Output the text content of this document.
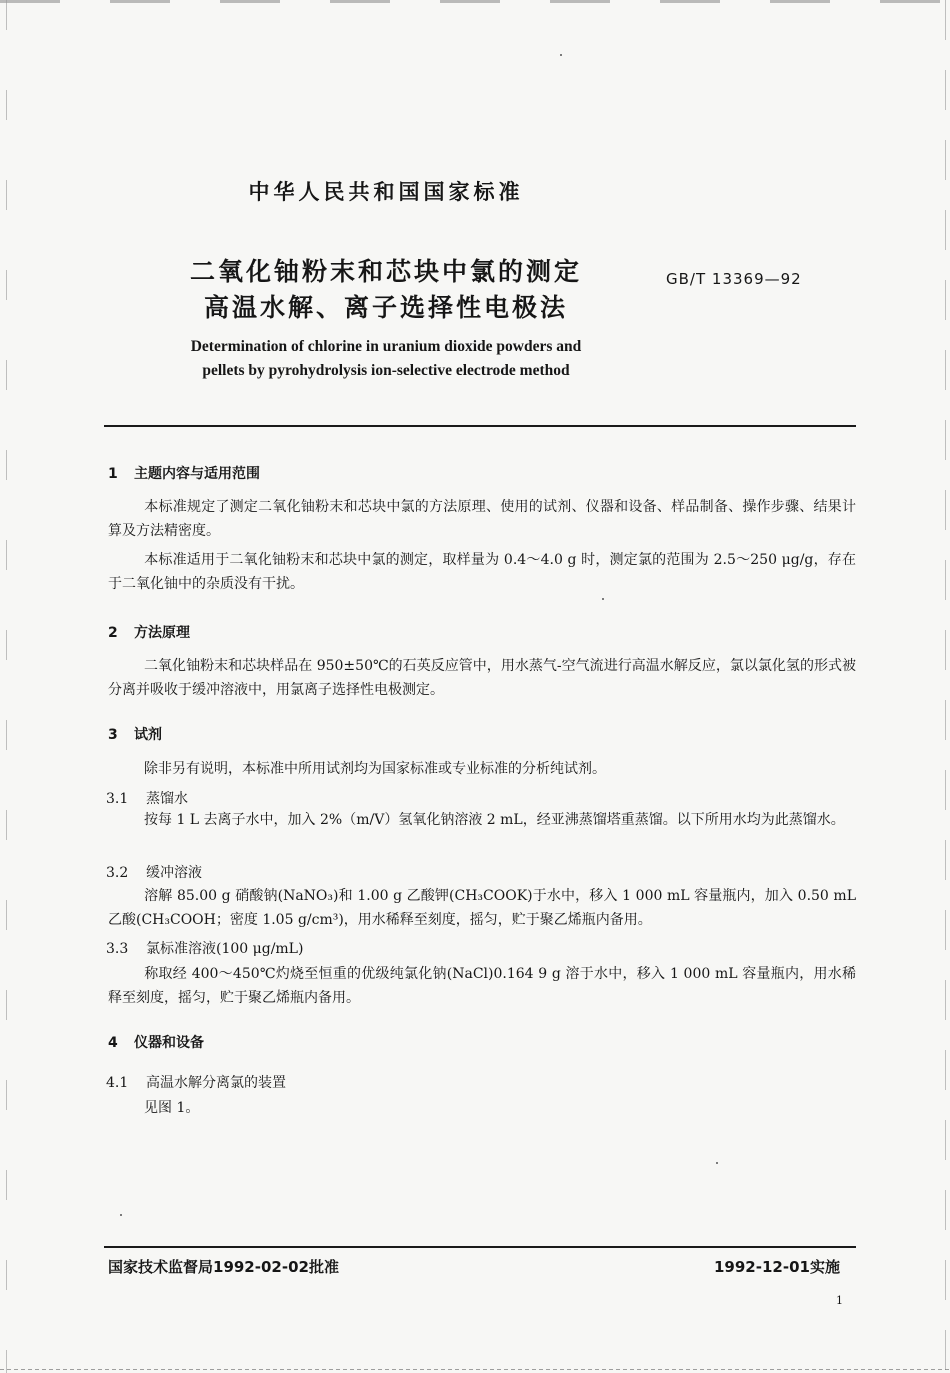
中华人民共和国国家标准
二氧化铀粉末和芯块中氯的测定
高温水解、离子选择性电极法
GB/T 13369—92
Determination of chlorine in uranium dioxide powders and
pellets by pyrohydrolysis ion-selective electrode method
1 主题内容与适用范围
本标准规定了测定二氧化铀粉末和芯块中氯的方法原理、使用的试剂、仪器和设备、样品制备、操作步骤、结果计算及方法精密度。
本标准适用于二氧化铀粉末和芯块中氯的测定，取样量为 0.4～4.0 g 时，测定氯的范围为 2.5～250 μg/g，存在于二氧化铀中的杂质没有干扰。
2 方法原理
二氧化铀粉末和芯块样品在 950±50℃的石英反应管中，用水蒸气-空气流进行高温水解反应，氯以氯化氢的形式被分离并吸收于缓冲溶液中，用氯离子选择性电极测定。
3 试剂
除非另有说明，本标准中所用试剂均为国家标准或专业标准的分析纯试剂。
3.1 蒸馏水
按每 1 L 去离子水中，加入 2%（m/V）氢氧化钠溶液 2 mL，经亚沸蒸馏塔重蒸馏。以下所用水均为此蒸馏水。
3.2 缓冲溶液
溶解 85.00 g 硝酸钠(NaNO₃)和 1.00 g 乙酸钾(CH₃COOK)于水中，移入 1 000 mL 容量瓶内，加入 0.50 mL 乙酸(CH₃COOH；密度 1.05 g/cm³)，用水稀释至刻度，摇匀，贮于聚乙烯瓶内备用。
3.3 氯标准溶液(100 μg/mL)
称取经 400～450℃灼烧至恒重的优级纯氯化钠(NaCl)0.164 9 g 溶于水中，移入 1 000 mL 容量瓶内，用水稀释至刻度，摇匀，贮于聚乙烯瓶内备用。
4 仪器和设备
4.1 高温水解分离氯的装置
见图 1。
国家技术监督局1992-02-02批准	1992-12-01实施
1
